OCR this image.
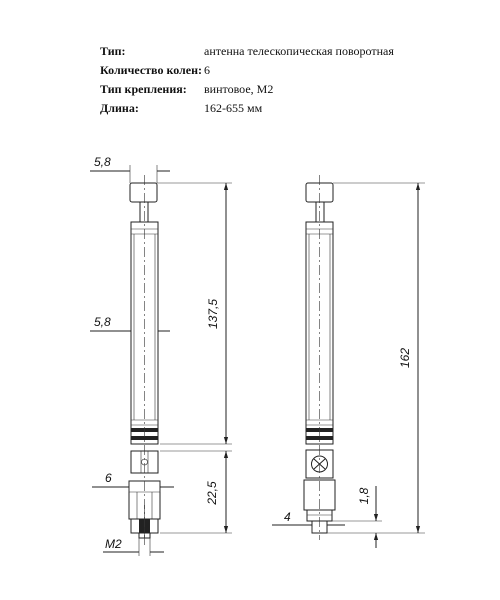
Тип:	антенна телескопическая поворотная
Количество колен:	6
Тип крепления:	винтовое, М2
Длина:	162-655 мм
5,8
5,8	137,5
22,5
6
M2
162
1,8
4
